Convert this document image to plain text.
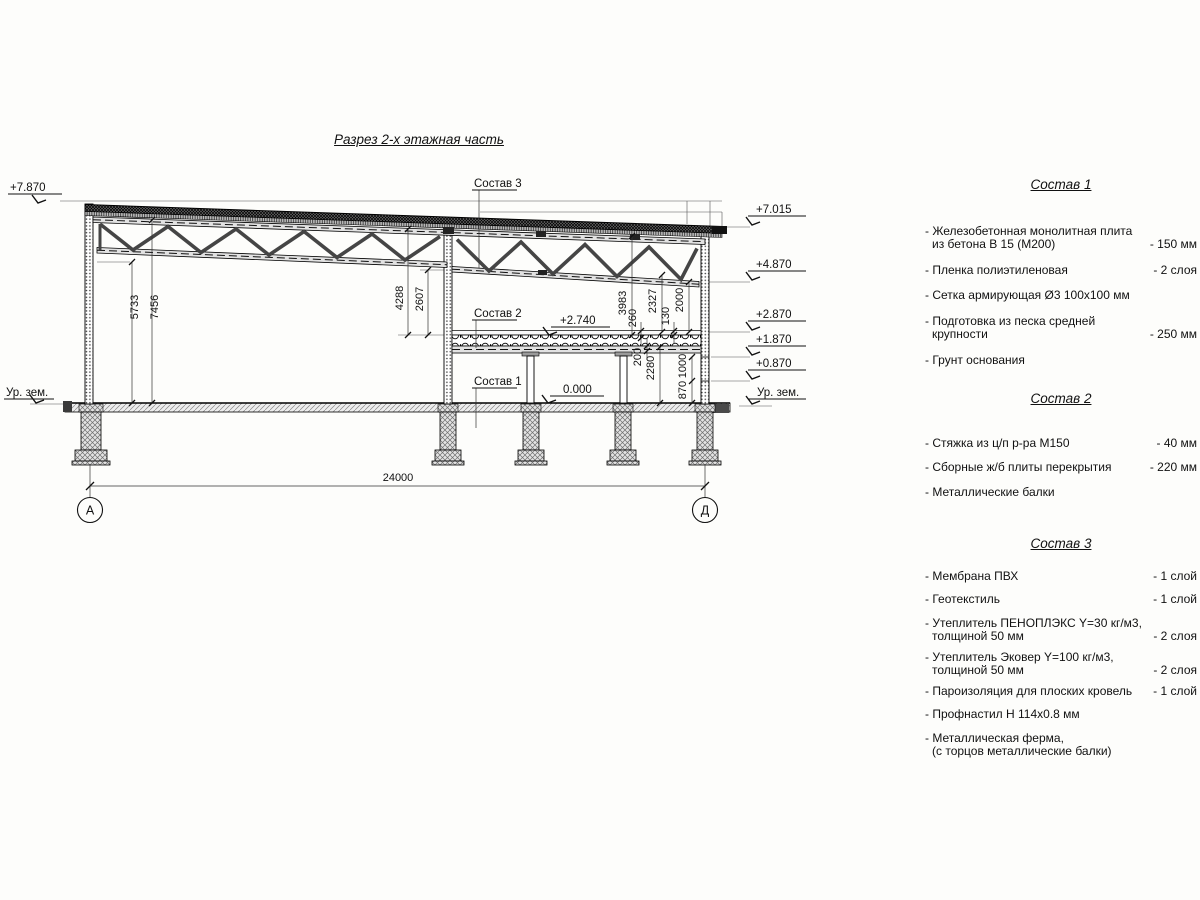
Разрез 2-х этажная часть
5733 7456	4288 2607	3983
260
2327
130
2000
200 2280 1000
870
24000
Состав 3
Состав 2
Состав 1
+2.740
0.000
+7.870
Ур. зем.
+7.015
+4.870
+2.870
+1.870
+0.870
Ур. зем.
А	Д
Состав 1
- Железобетонная монолитная плита
из бетона В 15 (М200)	- 150 мм
- Пленка полиэтиленовая	- 2 слоя
- Сетка армирующая Ø3 100х100 мм
- Подготовка из песка средней
крупности	- 250 мм
- Грунт основания
Состав 2
- Стяжка из ц/п р-ра М150	- 40 мм
- Сборные ж/б плиты перекрытия	- 220 мм
- Металлические балки
Состав 3
- Мембрана ПВХ	- 1 слой
- Геотекстиль	- 1 слой
- Утеплитель ПЕНОПЛЭКС Y=30 кг/м3,
толщиной 50 мм	- 2 слоя
- Утеплитель Эковер Y=100 кг/м3,
толщиной 50 мм	- 2 слоя
- Пароизоляция для плоских кровель	- 1 слой
- Профнастил Н 114х0.8 мм
- Металлическая ферма,
(с торцов металлические балки)
